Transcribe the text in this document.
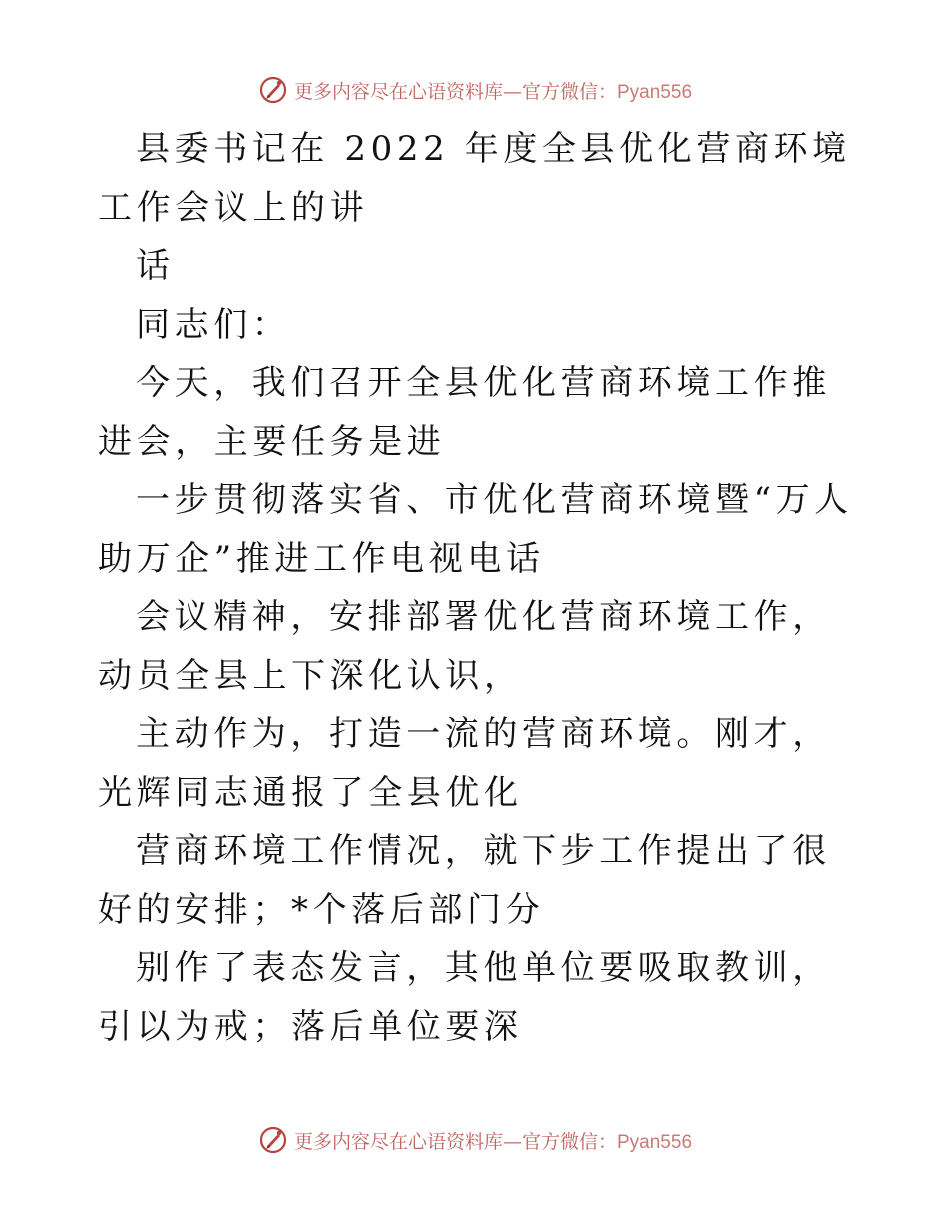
更多内容尽在心语资料库—官方微信：Pyan556

县委书记在 2022 年度全县优化营商环境工作会议上的讲

话

同志们：

今天，我们召开全县优化营商环境工作推进会，主要任务是进

一步贯彻落实省、市优化营商环境暨“万人助万企”推进工作电视电话

会议精神，安排部署优化营商环境工作，动员全县上下深化认识，

主动作为，打造一流的营商环境。刚才，光辉同志通报了全县优化

营商环境工作情况，就下步工作提出了很好的安排；*个落后部门分

别作了表态发言，其他单位要吸取教训，引以为戒；落后单位要深

更多内容尽在心语资料库—官方微信：Pyan556
